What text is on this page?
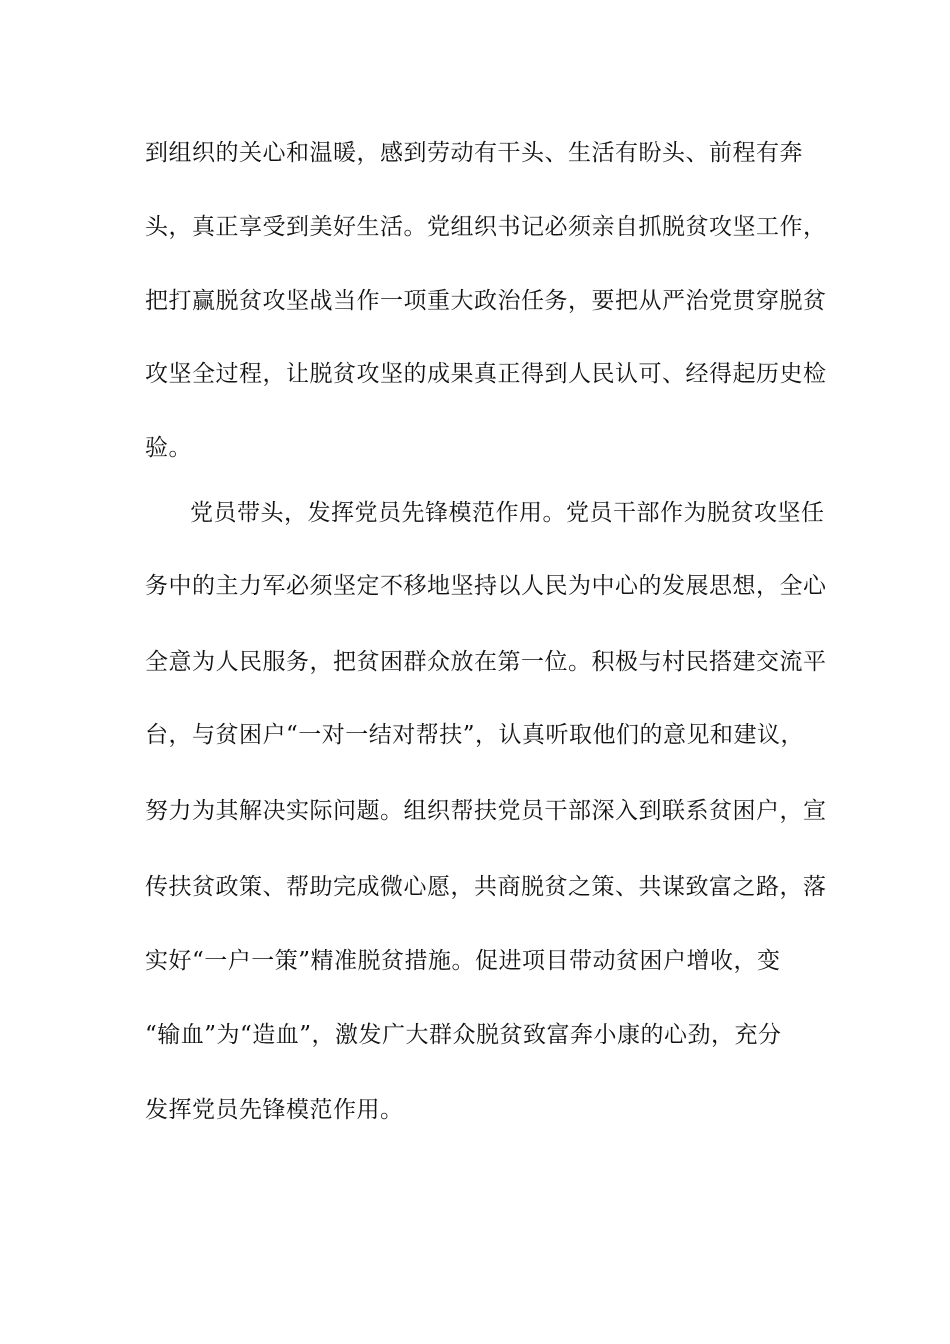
到组织的关心和温暖，感到劳动有干头、生活有盼头、前程有奔
头，真正享受到美好生活。党组织书记必须亲自抓脱贫攻坚工作，
把打赢脱贫攻坚战当作一项重大政治任务，要把从严治党贯穿脱贫
攻坚全过程，让脱贫攻坚的成果真正得到人民认可、经得起历史检
验。
党员带头，发挥党员先锋模范作用。党员干部作为脱贫攻坚任
务中的主力军必须坚定不移地坚持以人民为中心的发展思想，全心
全意为人民服务，把贫困群众放在第一位。积极与村民搭建交流平
台，与贫困户“一对一结对帮扶”，认真听取他们的意见和建议，
努力为其解决实际问题。组织帮扶党员干部深入到联系贫困户，宣
传扶贫政策、帮助完成微心愿，共商脱贫之策、共谋致富之路，落
实好“一户一策”精准脱贫措施。促进项目带动贫困户增收，变
“输血”为“造血”，激发广大群众脱贫致富奔小康的心劲，充分
发挥党员先锋模范作用。
